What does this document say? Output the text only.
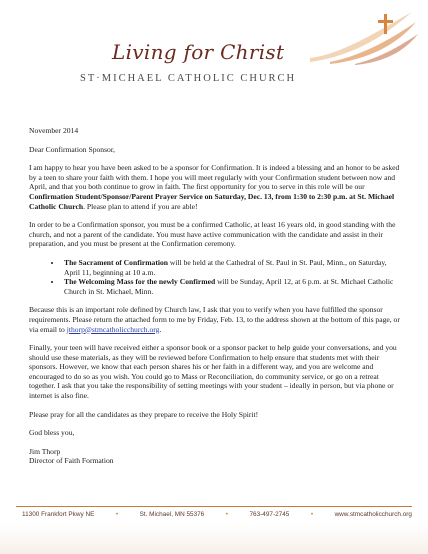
Living for Christ
ST·MICHAEL CATHOLIC CHURCH

November 2014

Dear Confirmation Sponsor,

I am happy to hear you have been asked to be a sponsor for Confirmation. It is indeed a blessing and an honor to be asked by a teen to share your faith with them. I hope you will meet regularly with your Confirmation student between now and April, and that you both continue to grow in faith. The first opportunity for you to serve in this role will be our Confirmation Student/Sponsor/Parent Prayer Service on Saturday, Dec. 13, from 1:30 to 2:30 p.m. at St. Michael Catholic Church. Please plan to attend if you are able!

In order to be a Confirmation sponsor, you must be a confirmed Catholic, at least 16 years old, in good standing with the church, and not a parent of the candidate. You must have active communication with the candidate and assist in their preparation, and you must be present at the Confirmation ceremony.

• The Sacrament of Confirmation will be held at the Cathedral of St. Paul in St. Paul, Minn., on Saturday, April 11, beginning at 10 a.m.
• The Welcoming Mass for the newly Confirmed will be Sunday, April 12, at 6 p.m. at St. Michael Catholic Church in St. Michael, Minn.

Because this is an important role defined by Church law, I ask that you to verify when you have fulfilled the sponsor requirements. Please return the attached form to me by Friday, Feb. 13, to the address shown at the bottom of this page, or via email to jthorp@stmcatholicchurch.org.

Finally, your teen will have received either a sponsor book or a sponsor packet to help guide your conversations, and you should use these materials, as they will be reviewed before Confirmation to help ensure that students met with their sponsors. However, we know that each person shares his or her faith in a different way, and you are welcome and encouraged to do so as you wish. You could go to Mass or Reconciliation, do community service, or go on a retreat together. I ask that you take the responsibility of setting meetings with your student – ideally in person, but via phone or internet is also fine.

Please pray for all the candidates as they prepare to receive the Holy Spirit!

God bless you,

Jim Thorp
Director of Faith Formation

11300 Frankfort Pkwy NE	•	St. Michael, MN 55376	•	763-497-2745	•	www.stmcatholicchurch.org
